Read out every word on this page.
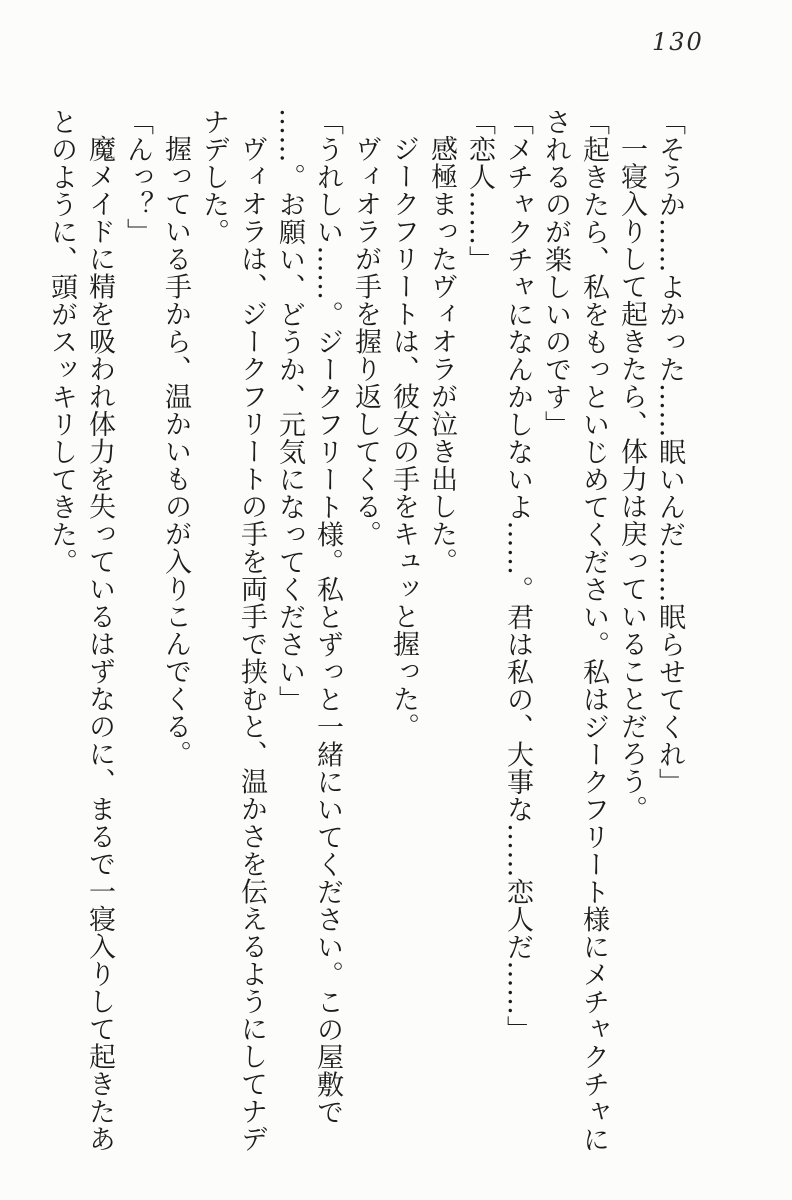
130

「そうか……よかった……眠いんだ……眠らせてくれ」

一寝入りして起きたら、体力は戻っていることだろう。

「起きたら、私をもっといじめてください。私はジークフリート様にメチャクチャに

されるのが楽しいのです」

「メチャクチャになんかしないよ……。君は私の、大事な……恋人だ……」

「恋人……」

感極まったヴィオラが泣き出した。

ジークフリートは、彼女の手をキュッと握った。

ヴィオラが手を握り返してくる。

「うれしい……。ジークフリート様。私とずっと一緒にいてください。この屋敷で

……。お願い、どうか、元気になってください」

ヴィオラは、ジークフリートの手を両手で挟むと、温かさを伝えるようにしてナデ

ナデした。

握っている手から、温かいものが入りこんでくる。

「んっ？」

魔メイドに精を吸われ体力を失っているはずなのに、まるで一寝入りして起きたあ

とのように、頭がスッキリしてきた。
